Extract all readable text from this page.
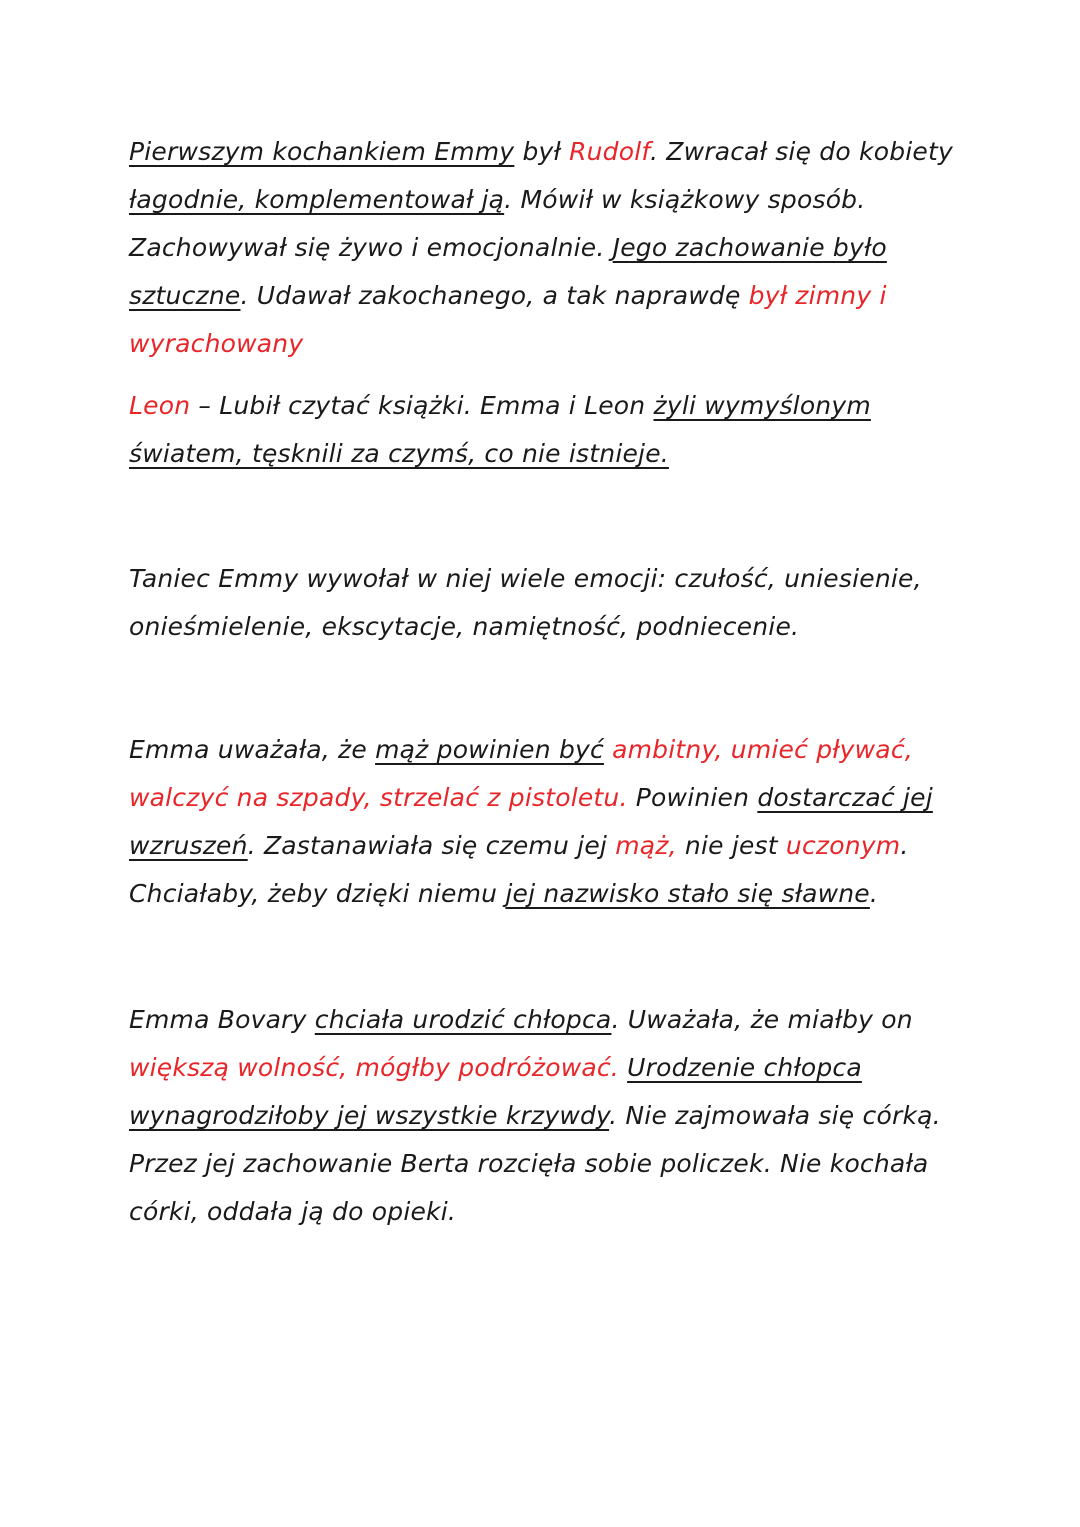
Pierwszym kochankiem Emmy był Rudolf. Zwracał się do kobiety łagodnie, komplementował ją. Mówił w książkowy sposób. Zachowywał się żywo i emocjonalnie. Jego zachowanie było sztuczne. Udawał zakochanego, a tak naprawdę był zimny i wyrachowany

Leon – Lubił czytać książki. Emma i Leon żyli wymyślonym światem, tęsknili za czymś, co nie istnieje.

Taniec Emmy wywołał w niej wiele emocji: czułość, uniesienie, onieśmielenie, ekscytacje, namiętność, podniecenie.

Emma uważała, że mąż powinien być ambitny, umieć pływać, walczyć na szpady, strzelać z pistoletu. Powinien dostarczać jej wzruszeń. Zastanawiała się czemu jej mąż, nie jest uczonym. Chciałaby, żeby dzięki niemu jej nazwisko stało się sławne.

Emma Bovary chciała urodzić chłopca. Uważała, że miałby on większą wolność, mógłby podróżować. Urodzenie chłopca wynagrodziłoby jej wszystkie krzywdy. Nie zajmowała się córką. Przez jej zachowanie Berta rozcięła sobie policzek. Nie kochała córki, oddała ją do opieki.
